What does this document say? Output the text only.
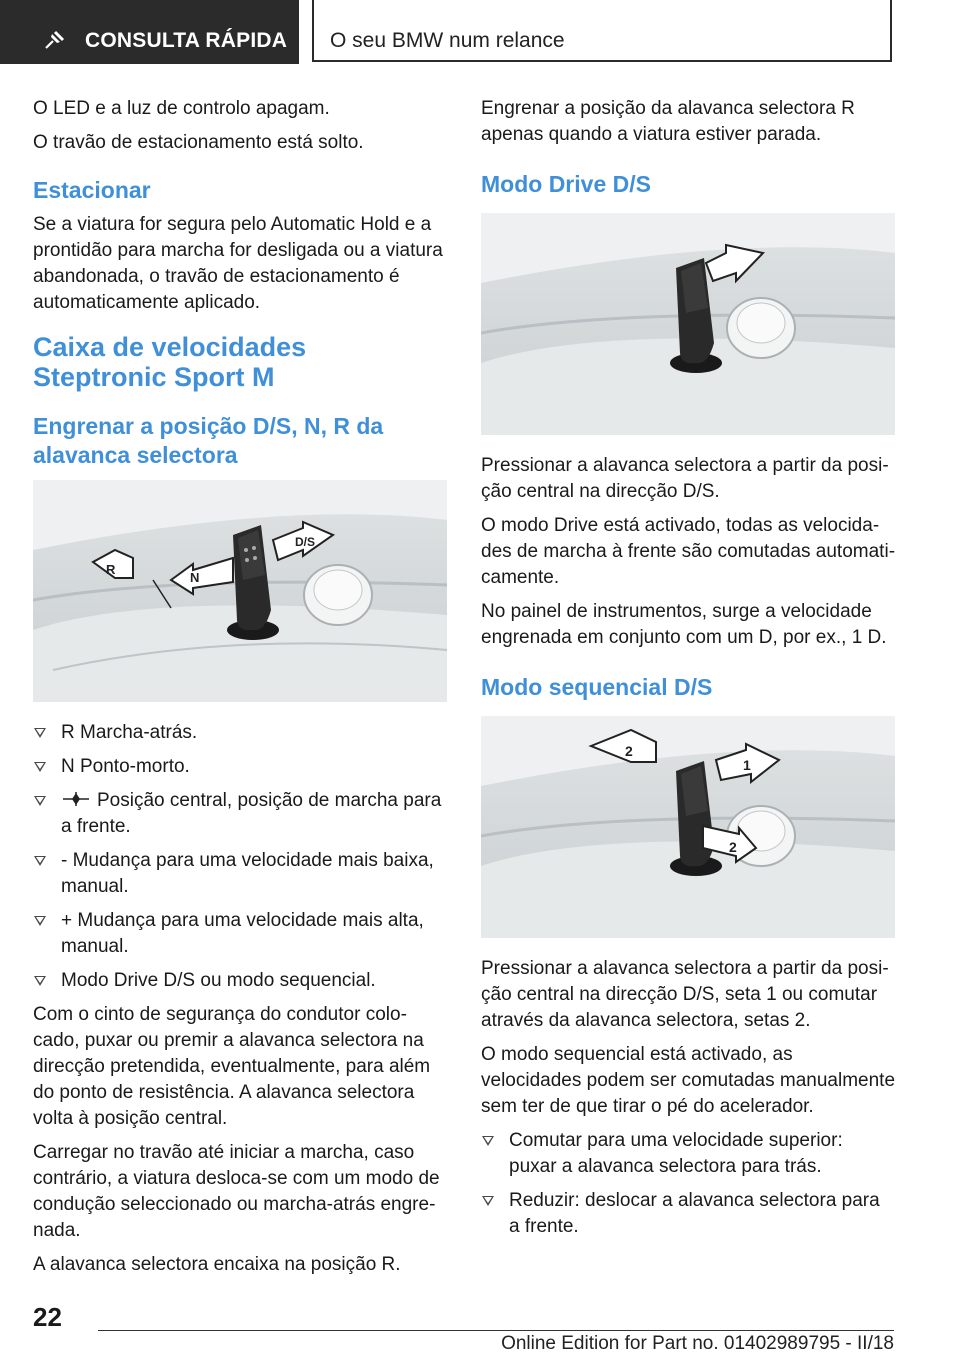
CONSULTA RÁPIDA O seu BMW num relance

O LED e a luz de controlo apagam.

O travão de estacionamento está solto.

Estacionar

Se a viatura for segura pelo Automatic Hold e a prontidão para marcha for desligada ou a viatura abandonada, o travão de estacionamento é automaticamente aplicado.

Caixa de velocidades Steptronic Sport M
Engrenar a posição D/S, N, R da alavanca selectora
R
N
D/S
R Marcha-atrás.
N Ponto-morto.
Posição central, posição de marcha para a frente.
- Mudança para uma velocidade mais baixa, manual.
+ Mudança para uma velocidade mais alta, manual.
Modo Drive D/S ou modo sequencial.

Com o cinto de segurança do condutor colocado, puxar ou premir a alavanca selectora na direcção pretendida, eventualmente, para além do ponto de resistência. A alavanca selectora volta à posição central.

Carregar no travão até iniciar a marcha, caso contrário, a viatura desloca-se com um modo de condução seleccionado ou marcha-atrás engrenada.

A alavanca selectora encaixa na posição R.

Engrenar a posição da alavanca selectora R apenas quando a viatura estiver parada.

Modo Drive D/S

Pressionar a alavanca selectora a partir da posição central na direcção D/S.

O modo Drive está activado, todas as velocidades de marcha à frente são comutadas automaticamente.

No painel de instrumentos, surge a velocidade engrenada em conjunto com um D, por ex., 1 D.

Modo sequencial D/S
2
1
2

Pressionar a alavanca selectora a partir da posição central na direcção D/S, seta 1 ou comutar através da alavanca selectora, setas 2.

O modo sequencial está activado, as velocidades podem ser comutadas manualmente sem ter de que tirar o pé do acelerador.

Comutar para uma velocidade superior: puxar a alavanca selectora para trás.
Reduzir: deslocar a alavanca selectora para a frente.
22
Online Edition for Part no. 01402989795 - II/18
